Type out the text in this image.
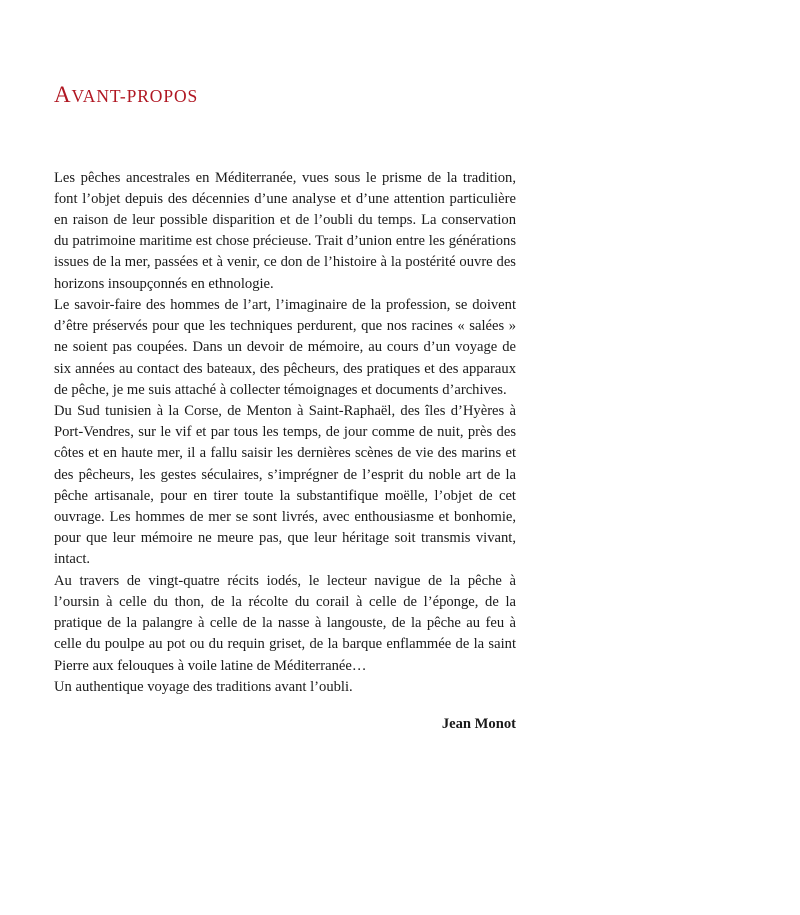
AVANT-PROPOS

Les pêches ancestrales en Méditerranée, vues sous le prisme de la tradition, font l’objet depuis des décennies d’une analyse et d’une attention particulière en raison de leur possible disparition et de l’oubli du temps. La conservation du patrimoine maritime est chose précieuse. Trait d’union entre les générations issues de la mer, passées et à venir, ce don de l’histoire à la postérité ouvre des horizons insoupçonnés en ethnologie.

Le savoir-faire des hommes de l’art, l’imaginaire de la profession, se doivent d’être préservés pour que les techniques perdurent, que nos racines « salées » ne soient pas coupées. Dans un devoir de mémoire, au cours d’un voyage de six années au contact des bateaux, des pêcheurs, des pratiques et des apparaux de pêche, je me suis attaché à collecter témoignages et documents d’archives.

Du Sud tunisien à la Corse, de Menton à Saint-Raphaël, des îles d’Hyères à Port-Vendres, sur le vif et par tous les temps, de jour comme de nuit, près des côtes et en haute mer, il a fallu saisir les dernières scènes de vie des marins et des pêcheurs, les gestes séculaires, s’imprégner de l’esprit du noble art de la pêche artisanale, pour en tirer toute la substantifique moëlle, l’objet de cet ouvrage. Les hommes de mer se sont livrés, avec enthousiasme et bonhomie, pour que leur mémoire ne meure pas, que leur héritage soit transmis vivant, intact.

Au travers de vingt-quatre récits iodés, le lecteur navigue de la pêche à l’oursin à celle du thon, de la récolte du corail à celle de l’éponge, de la pratique de la palangre à celle de la nasse à langouste, de la pêche au feu à celle du poulpe au pot ou du requin griset, de la barque enflammée de la saint Pierre aux felouques à voile latine de Méditerranée…

Un authentique voyage des traditions avant l’oubli.

Jean Monot
